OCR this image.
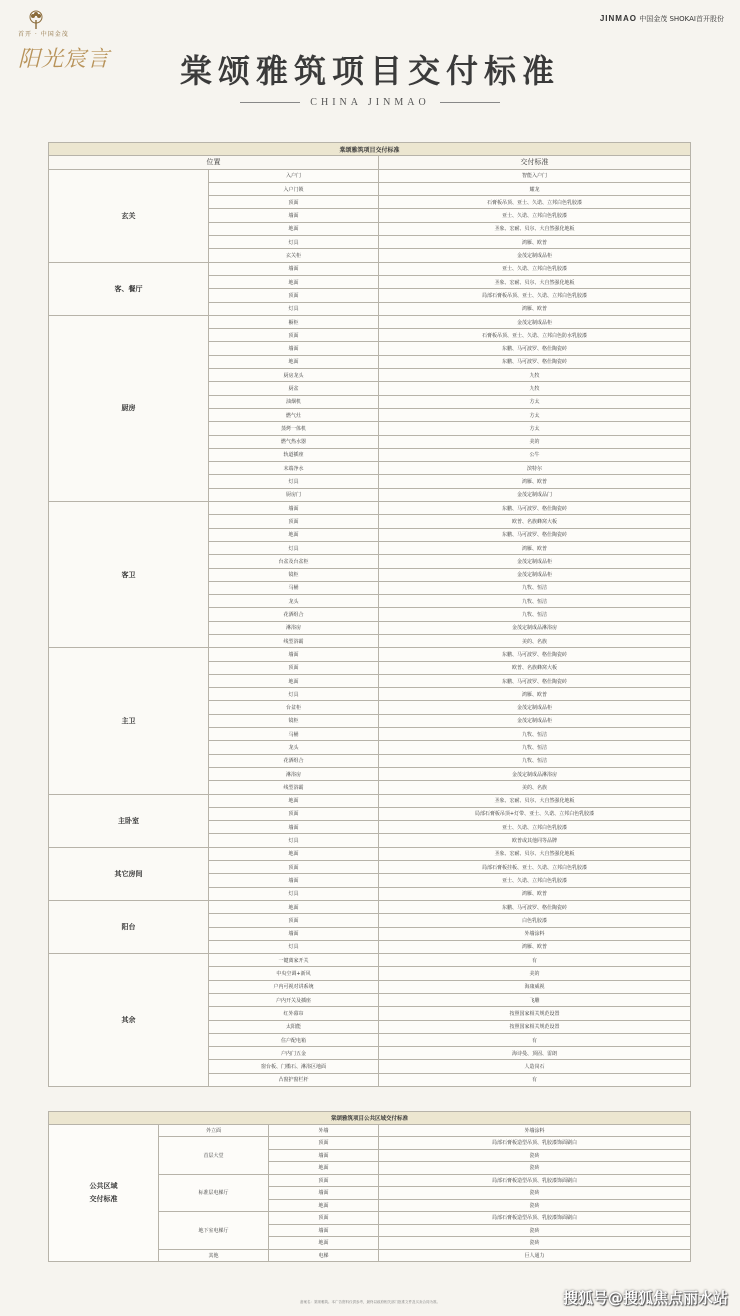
首开 · 中国金茂
阳光宸言
JINMAO 中国金茂 SHOKAI首开股份
棠颂雅筑项目交付标准
CHINA JINMAO
棠颂雅筑项目交付标准		
位置		交付标准
玄关	入户门	智能入户门
	入户门锁	耀龙
	顶面	石膏板吊顶、亚士、久诺、立邦白色乳胶漆
	墙面	亚士、久诺、立邦白色乳胶漆
	地面	圣象、宏耐、贝尔、大自然强化地板
	灯具	鸿雁、欧普
	玄关柜	金茂定制成品柜
客、餐厅	墙面	亚士、久诺、立邦白色乳胶漆
	地面	圣象、宏耐、贝尔、大自然强化地板
	顶面	局部石膏板吊顶、亚士、久诺、立邦白色乳胶漆
	灯具	鸿雁、欧普
厨房	橱柜	金茂定制成品柜
	顶面	石膏板吊顶、亚士、久诺、立邦白色防水乳胶漆
	墙面	东鹏、马可波罗、格仕陶瓷砖
	地面	东鹏、马可波罗、格仕陶瓷砖
	厨房龙头	九牧
	厨盆	九牧
	油烟机	方太
	燃气灶	方太
	蒸烤一体机	方太
	燃气热水器	美的
	轨道插座	公牛
	末端净水	滨特尔
	灯具	鸿雁、欧普
	厨房门	金茂定制成品门
客卫	墙面	东鹏、马可波罗、格仕陶瓷砖
	顶面	欧普、名族蜂窝大板
	地面	东鹏、马可波罗、格仕陶瓷砖
	灯具	鸿雁、欧普
	台盆及台盆柜	金茂定制成品柜
	镜柜	金茂定制成品柜
	马桶	九牧、恒洁
	龙头	九牧、恒洁
	花洒组合	九牧、恒洁
	淋浴房	金茂定制成品淋浴房
	线型浴霸	美的、名族
主卫	墙面	东鹏、马可波罗、格仕陶瓷砖
	顶面	欧普、名族蜂窝大板
	地面	东鹏、马可波罗、格仕陶瓷砖
	灯具	鸿雁、欧普
	台盆柜	金茂定制成品柜
	镜柜	金茂定制成品柜
	马桶	九牧、恒洁
	龙头	九牧、恒洁
	花洒组合	九牧、恒洁
	淋浴房	金茂定制成品淋浴房
	线型浴霸	美的、名族
主卧室	地面	圣象、宏耐、贝尔、大自然强化地板
	顶面	局部石膏板吊顶+灯带、亚士、久诺、立邦白色乳胶漆
	墙面	亚士、久诺、立邦白色乳胶漆
	灯具	欧普或其他同等品牌
其它房间	地面	圣象、宏耐、贝尔、大自然强化地板
	顶面	局部石膏板挂板、亚士、久诺、立邦白色乳胶漆
	墙面	亚士、久诺、立邦白色乳胶漆
	灯具	鸿雁、欧普
阳台	地面	东鹏、马可波罗、格仕陶瓷砖
	顶面	白色乳胶漆
	墙面	外墙涂料
	灯具	鸿雁、欧普
其余	一键离家开关	有
	中央空调+新风	美的
	户内可视对讲系统	海康威视
	户内开关及插座	飞雕
	红外幕帘	按照国家相关规范设置
	太阳能	按照国家相关规范设置
	住户配电箱	有
	户内门五金	海诗曼、顶固、雷朗
	窗台板、门槛石、淋浴区地面	人造岗石
	凸窗护窗栏杆	有
棠颂雅筑项目公共区域交付标准			

公共区域
交付标准	外立面	外墙	外墙涂料
	首层大堂	顶面	局部石膏板造型吊顶、乳胶漆饰面刷白
		墙面	瓷砖
		地面	瓷砖
	标准层电梯厅	顶面	局部石膏板造型吊顶、乳胶漆饰面刷白
		墙面	瓷砖
		地面	瓷砖
	地下室电梯厅	顶面	局部石膏板造型吊顶、乳胶漆饰面刷白
		墙面	瓷砖
		地面	瓷砖
	其他	电梯	巨人通力
备案名：棠颂雅筑。本广告资料仅供参考，最终以政府相关部门批准文件及买卖合同为准。	搜狐号@搜狐焦点丽水站
